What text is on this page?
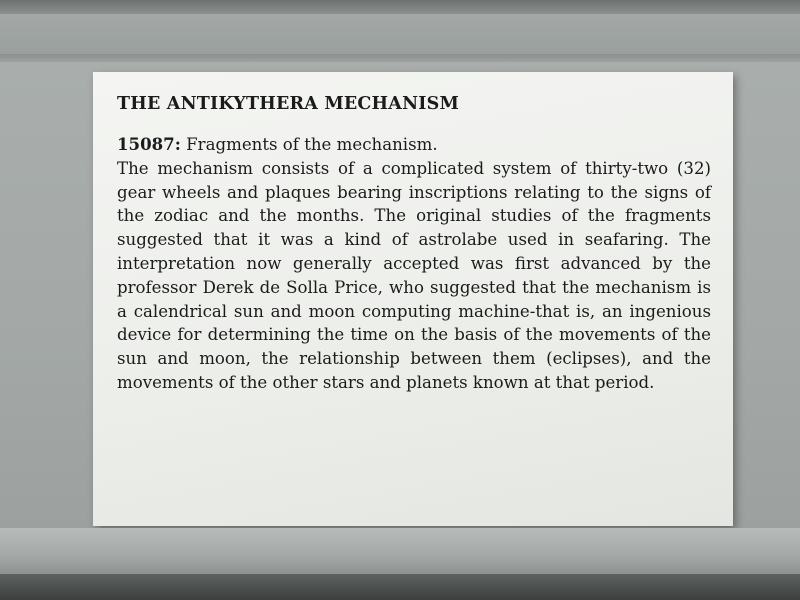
THE ANTIKYTHERA MECHANISM

15087: Fragments of the mechanism.
The mechanism consists of a complicated system of thirty-two (32) gear wheels and plaques bearing inscriptions relating to the signs of the zodiac and the months. The original studies of the fragments suggested that it was a kind of astrolabe used in seafaring. The interpretation now generally accepted was first advanced by the professor Derek de Solla Price, who suggested that the mechanism is a calendrical sun and moon computing machine-that is, an ingenious device for determining the time on the basis of the movements of the sun and moon, the relationship between them (eclipses), and the movements of the other stars and planets known at that period.
